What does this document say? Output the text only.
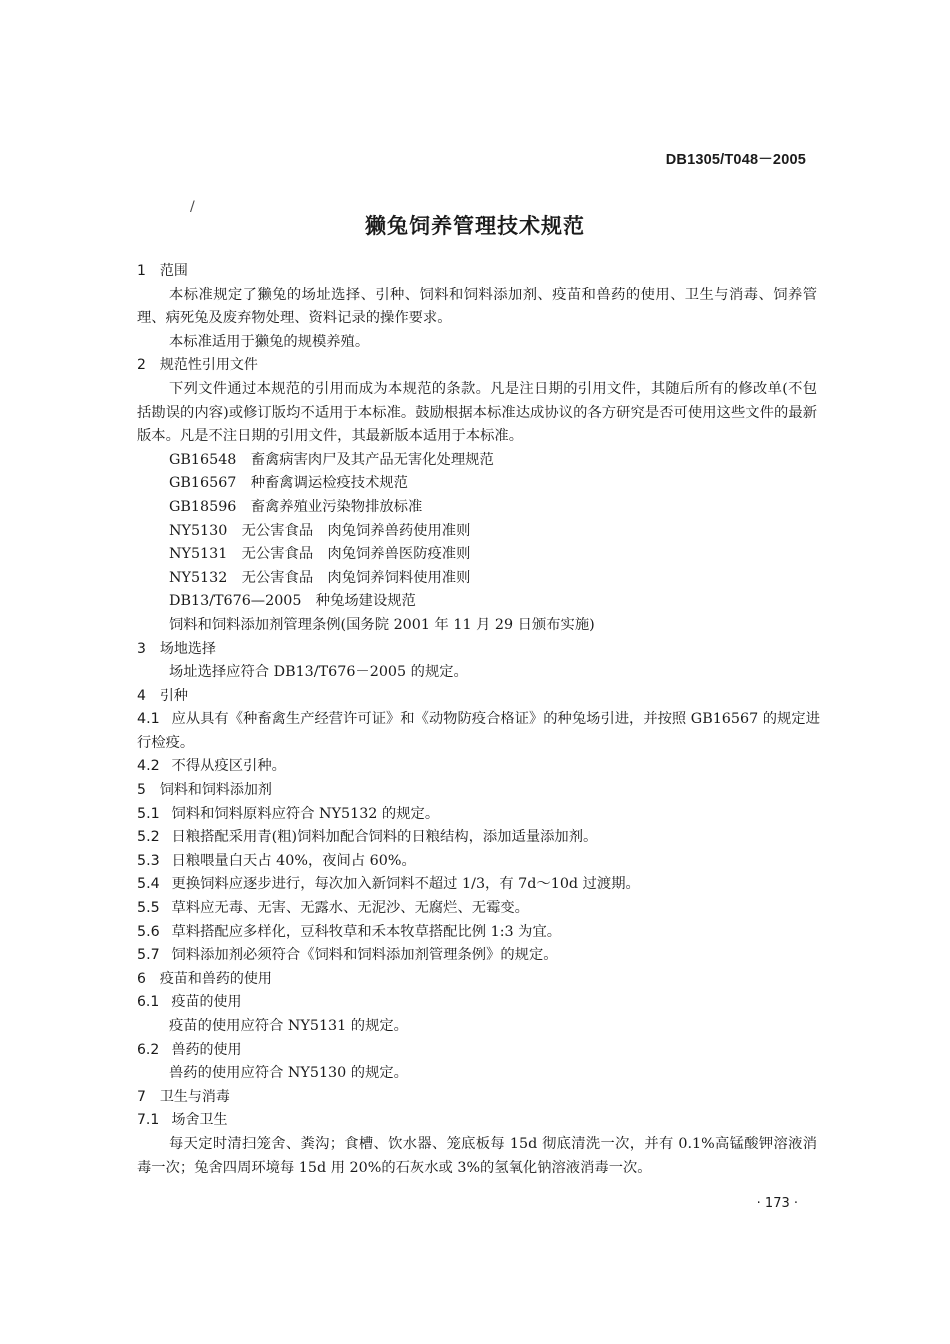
DB1305/T048－2005
/
獭兔饲养管理技术规范
1　范围
本标准规定了獭兔的场址选择、引种、饲料和饲料添加剂、疫苗和兽药的使用、卫生与消毒、饲养管理、病死兔及废弃物处理、资料记录的操作要求。
本标准适用于獭兔的规模养殖。
2　规范性引用文件
下列文件通过本规范的引用而成为本规范的条款。凡是注日期的引用文件，其随后所有的修改单(不包括勘误的内容)或修订版均不适用于本标准。鼓励根据本标准达成协议的各方研究是否可使用这些文件的最新版本。凡是不注日期的引用文件，其最新版本适用于本标准。
GB16548　畜禽病害肉尸及其产品无害化处理规范
GB16567　种畜禽调运检疫技术规范
GB18596　畜禽养殖业污染物排放标准
NY5130　无公害食品　肉兔饲养兽药使用准则
NY5131　无公害食品　肉兔饲养兽医防疫准则
NY5132　无公害食品　肉兔饲养饲料使用准则
DB13/T676—2005　种兔场建设规范
饲料和饲料添加剂管理条例(国务院 2001 年 11 月 29 日颁布实施)
3　场地选择
场址选择应符合 DB13/T676－2005 的规定。
4　引种
4.1 应从具有《种畜禽生产经营许可证》和《动物防疫合格证》的种兔场引进，并按照 GB16567 的规定进
行检疫。
4.2 不得从疫区引种。
5　饲料和饲料添加剂
5.1 饲料和饲料原料应符合 NY5132 的规定。
5.2 日粮搭配采用青(粗)饲料加配合饲料的日粮结构，添加适量添加剂。
5.3 日粮喂量白天占 40%，夜间占 60%。
5.4 更换饲料应逐步进行，每次加入新饲料不超过 1/3，有 7d～10d 过渡期。
5.5 草料应无毒、无害、无露水、无泥沙、无腐烂、无霉变。
5.6 草料搭配应多样化，豆科牧草和禾本牧草搭配比例 1:3 为宜。
5.7 饲料添加剂必须符合《饲料和饲料添加剂管理条例》的规定。
6　疫苗和兽药的使用
6.1 疫苗的使用
疫苗的使用应符合 NY5131 的规定。
6.2 兽药的使用
兽药的使用应符合 NY5130 的规定。
7　卫生与消毒
7.1 场舍卫生
每天定时清扫笼舍、粪沟；食槽、饮水器、笼底板每 15d 彻底清洗一次，并有 0.1%高锰酸钾溶液消毒一次；兔舍四周环境每 15d 用 20%的石灰水或 3%的氢氧化钠溶液消毒一次。
· 173 ·
